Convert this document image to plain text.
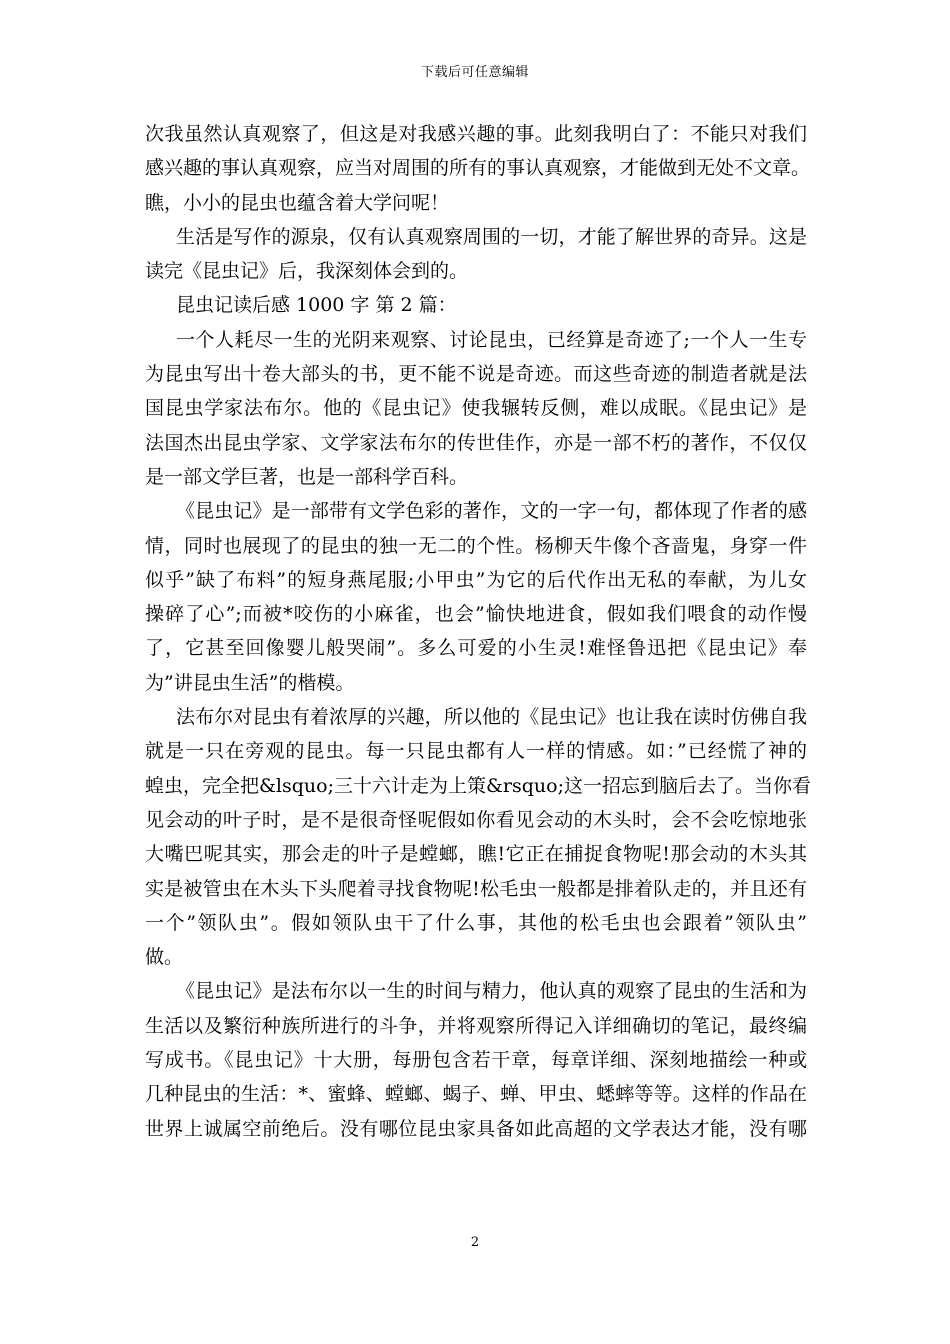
下载后可任意编辑
次我虽然认真观察了，但这是对我感兴趣的事。此刻我明白了：不能只对我们
感兴趣的事认真观察，应当对周围的所有的事认真观察，才能做到无处不文章。
瞧，小小的昆虫也蕴含着大学问呢！
生活是写作的源泉，仅有认真观察周围的一切，才能了解世界的奇异。这是
读完《昆虫记》后，我深刻体会到的。
昆虫记读后感 1000 字 第 2 篇：
一个人耗尽一生的光阴来观察、讨论昆虫，已经算是奇迹了;一个人一生专
为昆虫写出十卷大部头的书，更不能不说是奇迹。而这些奇迹的制造者就是法
国昆虫学家法布尔。他的《昆虫记》使我辗转反侧，难以成眠。《昆虫记》是
法国杰出昆虫学家、文学家法布尔的传世佳作，亦是一部不朽的著作，不仅仅
是一部文学巨著，也是一部科学百科。
《昆虫记》是一部带有文学色彩的著作，文的一字一句，都体现了作者的感
情，同时也展现了的昆虫的独一无二的个性。杨柳天牛像个吝啬鬼，身穿一件
似乎”缺了布料”的短身燕尾服;小甲虫”为它的后代作出无私的奉献，为儿女
操碎了心”;而被*咬伤的小麻雀，也会”愉快地进食，假如我们喂食的动作慢
了，它甚至回像婴儿般哭闹”。多么可爱的小生灵!难怪鲁迅把《昆虫记》奉
为”讲昆虫生活”的楷模。
法布尔对昆虫有着浓厚的兴趣，所以他的《昆虫记》也让我在读时仿佛自我
就是一只在旁观的昆虫。每一只昆虫都有人一样的情感。如：”已经慌了神的
蝗虫，完全把&lsquo;三十六计走为上策&rsquo;这一招忘到脑后去了。当你看
见会动的叶子时，是不是很奇怪呢假如你看见会动的木头时，会不会吃惊地张
大嘴巴呢其实，那会走的叶子是螳螂，瞧!它正在捕捉食物呢!那会动的木头其
实是被管虫在木头下头爬着寻找食物呢!松毛虫一般都是排着队走的，并且还有
一个”领队虫”。假如领队虫干了什么事，其他的松毛虫也会跟着”领队虫”
做。
《昆虫记》是法布尔以一生的时间与精力，他认真的观察了昆虫的生活和为
生活以及繁衍种族所进行的斗争，并将观察所得记入详细确切的笔记，最终编
写成书。《昆虫记》十大册，每册包含若干章，每章详细、深刻地描绘一种或
几种昆虫的生活：*、蜜蜂、螳螂、蝎子、蝉、甲虫、蟋蟀等等。这样的作品在
世界上诚属空前绝后。没有哪位昆虫家具备如此高超的文学表达才能，没有哪
2
